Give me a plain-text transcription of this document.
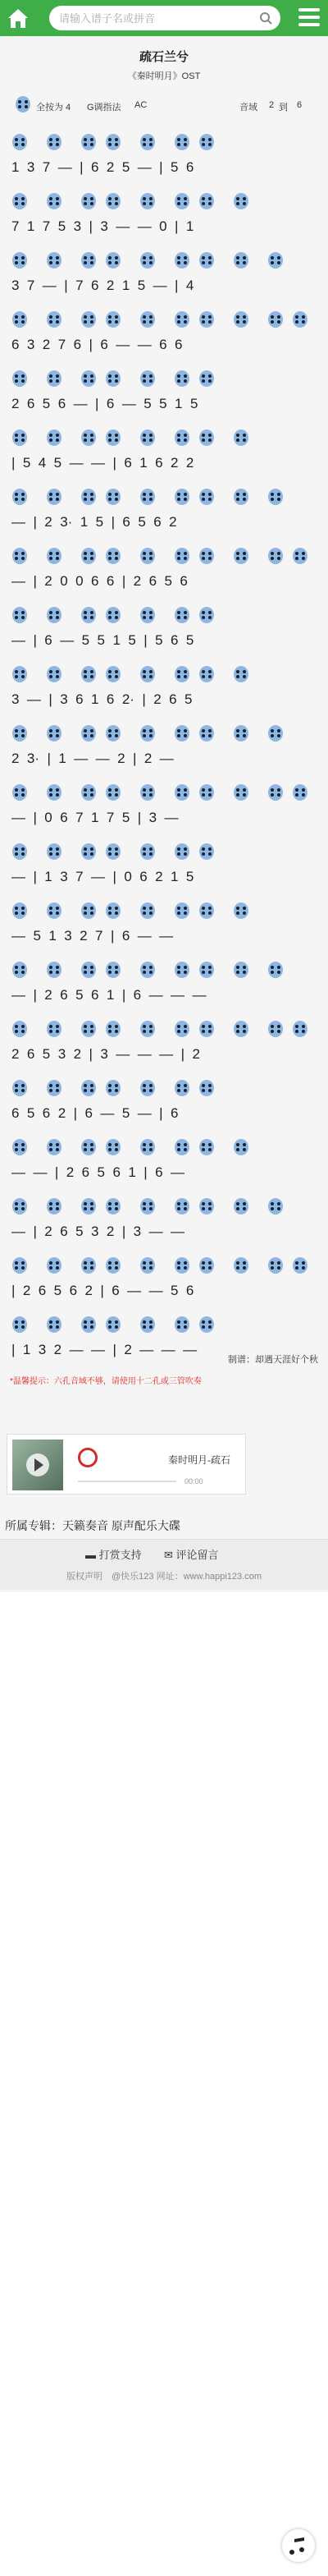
请输入谱子名或拼音
疏石兰兮
《秦时明月》OST
全按为 4 G调指法 AC	音域 2 到 6
1  3  7  —  |  6  2  5  —  |  5  6
7  1  7  5  3  |  3  —  —  0  |  1
3  7  —  |  7  6  2  1  5  —  |  4
6  3  2  7  6  |  6  —  —  6  6
2  6  5  6  —  |  6  —  5  5  1  5
|  5  4  5  —  —  |  6  1  6  2  2
—  |  2  3·  1  5  |  6  5  6  2
—  |  2  0  0  6  6  |  2  6  5  6
—  |  6  —  5  5  1  5  |  5  6  5
3  —  |  3  6  1  6  2·  |  2  6  5
2  3·  |  1  —  —  2  |  2  —
—  |  0  6  7  1  7  5  |  3  —
—  |  1  3  7  —  |  0  6  2  1  5
—  5  1  3  2  7  |  6  —  —
—  |  2  6  5  6  1  |  6  —  —  —
2  6  5  3  2  |  3  —  —  —  |  2
6  5  6  2  |  6  —  5  —  |  6
—  —  |  2  6  5  6  1  |  6  —
—  |  2  6  5  3  2  |  3  —  —
|  2  6  5  6  2  |  6  —  —  5  6
|  1  3  2  —  —  |  2  —  —  —
制谱：却遇天涯好个秋
*温馨提示：六孔音域不够，请使用十二孔或三管吹奏
秦时明月-疏石
00:00
所属专辑：天籁奏音 原声配乐大碟
▬ 打赏支持 ✉ 评论留言
版权声明　 @快乐123 网址：www.happi123.com
